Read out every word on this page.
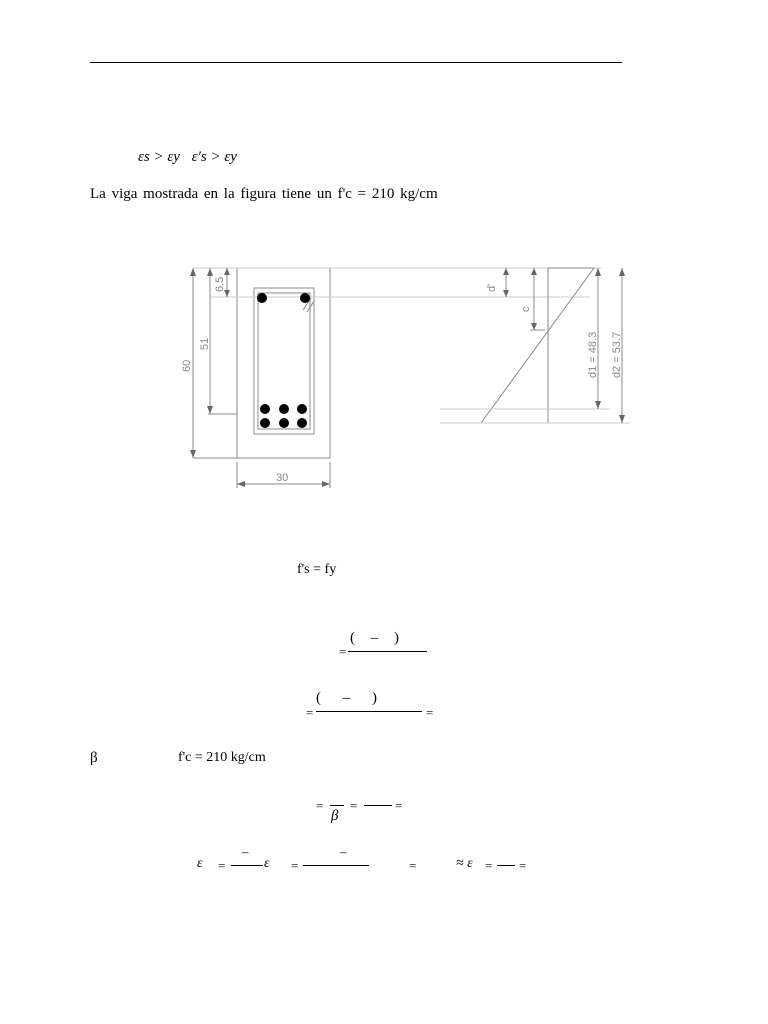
εs > εy ε′s > εy
La viga mostrada en la figura tiene un f'c = 210 kg/cm
6.5
51
60
30
d'
c
d1 = 48.3 d2 = 53.7
f's = fy
=
( – )
=
( – )
=
β	f'c = 210 kg/cm
=
β
=	=
ε =
–
ε =
–
=	≈ ε = =
